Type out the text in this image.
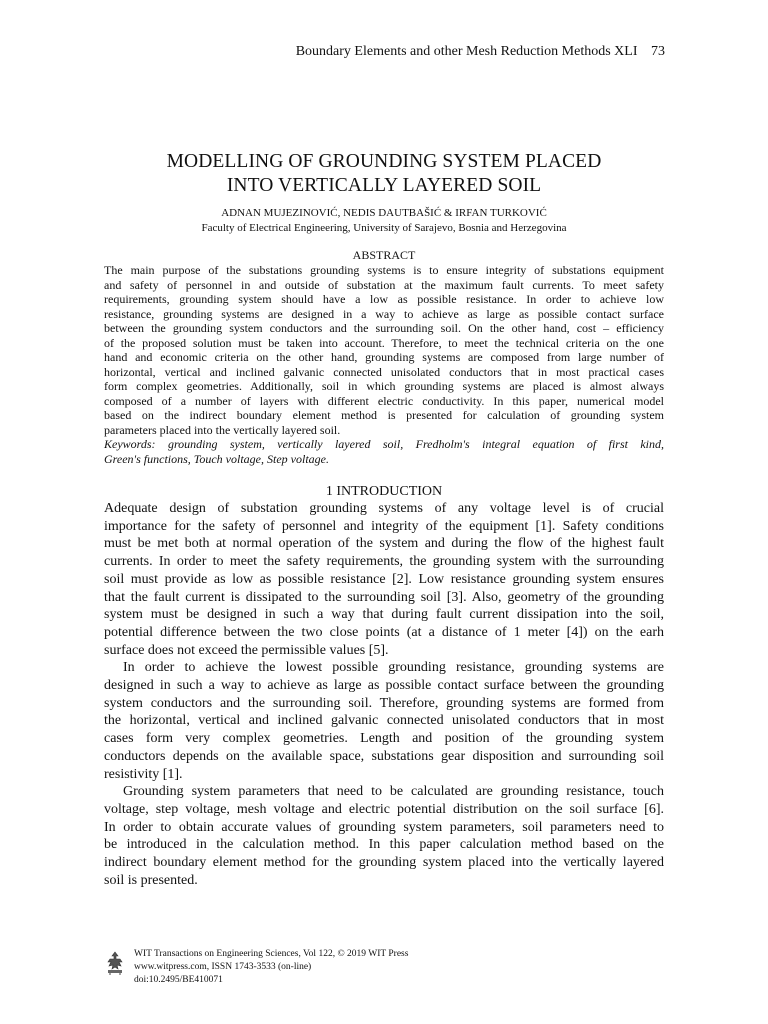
Boundary Elements and other Mesh Reduction Methods XLI 73
MODELLING OF GROUNDING SYSTEM PLACED
INTO VERTICALLY LAYERED SOIL
ADNAN MUJEZINOVIĆ, NEDIS DAUTBAŠIĆ & IRFAN TURKOVIĆ
Faculty of Electrical Engineering, University of Sarajevo, Bosnia and Herzegovina
ABSTRACT
The main purpose of the substations grounding systems is to ensure integrity of substations equipment
and safety of personnel in and outside of substation at the maximum fault currents. To meet safety
requirements, grounding system should have a low as possible resistance. In order to achieve low
resistance, grounding systems are designed in a way to achieve as large as possible contact surface
between the grounding system conductors and the surrounding soil. On the other hand, cost – efficiency
of the proposed solution must be taken into account. Therefore, to meet the technical criteria on the one
hand and economic criteria on the other hand, grounding systems are composed from large number of
horizontal, vertical and inclined galvanic connected unisolated conductors that in most practical cases
form complex geometries. Additionally, soil in which grounding systems are placed is almost always
composed of a number of layers with different electric conductivity. In this paper, numerical model
based on the indirect boundary element method is presented for calculation of grounding system
parameters placed into the vertically layered soil.
Keywords: grounding system, vertically layered soil, Fredholm's integral equation of first kind,
Green's functions, Touch voltage, Step voltage.
1 INTRODUCTION
Adequate design of substation grounding systems of any voltage level is of crucial
importance for the safety of personnel and integrity of the equipment [1]. Safety conditions
must be met both at normal operation of the system and during the flow of the highest fault
currents. In order to meet the safety requirements, the grounding system with the surrounding
soil must provide as low as possible resistance [2]. Low resistance grounding system ensures
that the fault current is dissipated to the surrounding soil [3]. Also, geometry of the grounding
system must be designed in such a way that during fault current dissipation into the soil,
potential difference between the two close points (at a distance of 1 meter [4]) on the earh
surface does not exceed the permissible values [5].
In order to achieve the lowest possible grounding resistance, grounding systems are
designed in such a way to achieve as large as possible contact surface between the grounding
system conductors and the surrounding soil. Therefore, grounding systems are formed from
the horizontal, vertical and inclined galvanic connected unisolated conductors that in most
cases form very complex geometries. Length and position of the grounding system
conductors depends on the available space, substations gear disposition and surrounding soil
resistivity [1].
Grounding system parameters that need to be calculated are grounding resistance, touch
voltage, step voltage, mesh voltage and electric potential distribution on the soil surface [6].
In order to obtain accurate values of grounding system parameters, soil parameters need to
be introduced in the calculation method. In this paper calculation method based on the
indirect boundary element method for the grounding system placed into the vertically layered
soil is presented.
WIT Transactions on Engineering Sciences, Vol 122, © 2019 WIT Press
www.witpress.com, ISSN 1743-3533 (on-line)
doi:10.2495/BE410071
